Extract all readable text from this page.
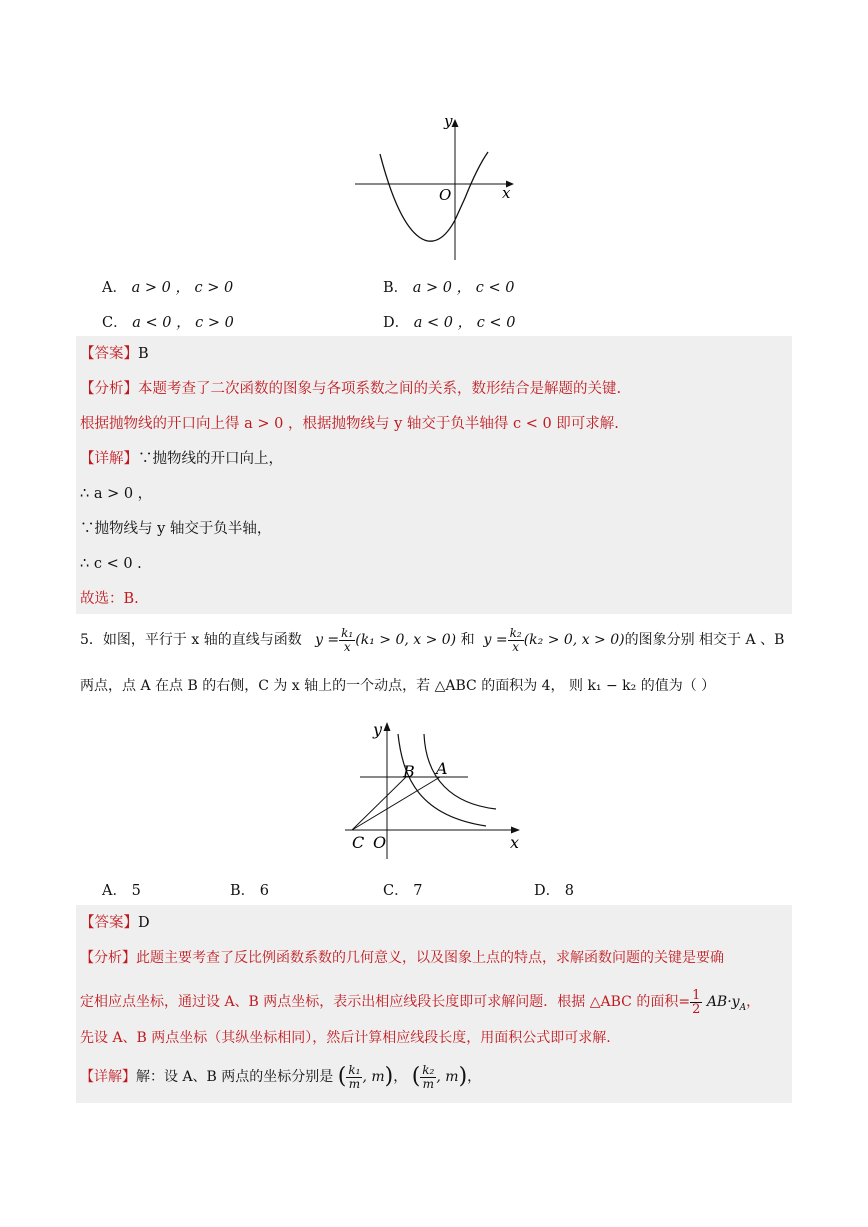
y
x
O
A． a > 0 ， c > 0	B． a > 0 ， c < 0
C． a < 0 ， c > 0	D． a < 0 ， c < 0
【答案】B
【分析】本题考查了二次函数的图象与各项系数之间的关系，数形结合是解题的关键.
根据抛物线的开口向上得 a > 0 ，根据抛物线与 y 轴交于负半轴得 c < 0 即可求解.
【详解】∵抛物线的开口向上，
∴ a > 0 ，
∵抛物线与 y 轴交于负半轴，
∴ c < 0 .
故选：B.
5．如图，平行于 x 轴的直线与函数 $y = \frac{\text{k₁}}{x} (k_1 > 0$, x > 0) 和 $y = \frac{\text{k₂}}{x} (k_2 > 0$, x > 0)的图象分别 相交于 A 、B
两点，点 A 在点 B 的右侧，C 为 x 轴上的一个动点，若 △ABC 的面积为 4， 则 k₁ − k₂ 的值为（ ）
y
x
O
C
B A
A． 5	B． 6	C． 7	D． 8
【答案】D
【分析】此题主要考查了反比例函数系数的几何意义，以及图象上点的特点，求解函数问题的关键是要确
定相应点坐标，通过设 A、B 两点坐标，表示出相应线段长度即可求解问题．根据 △ABC 的面积= $\frac{1}{2} AB\cdot y_A$，
先设 A、B 两点坐标（其纵坐标相同），然后计算相应线段长度，用面积公式即可求解.
【详解】解：设 A、B 两点的坐标分别是 ( $\frac{\text{k₁}}{m}$ , m)， ( $\frac{\text{k₂}}{m}$ , m)，
